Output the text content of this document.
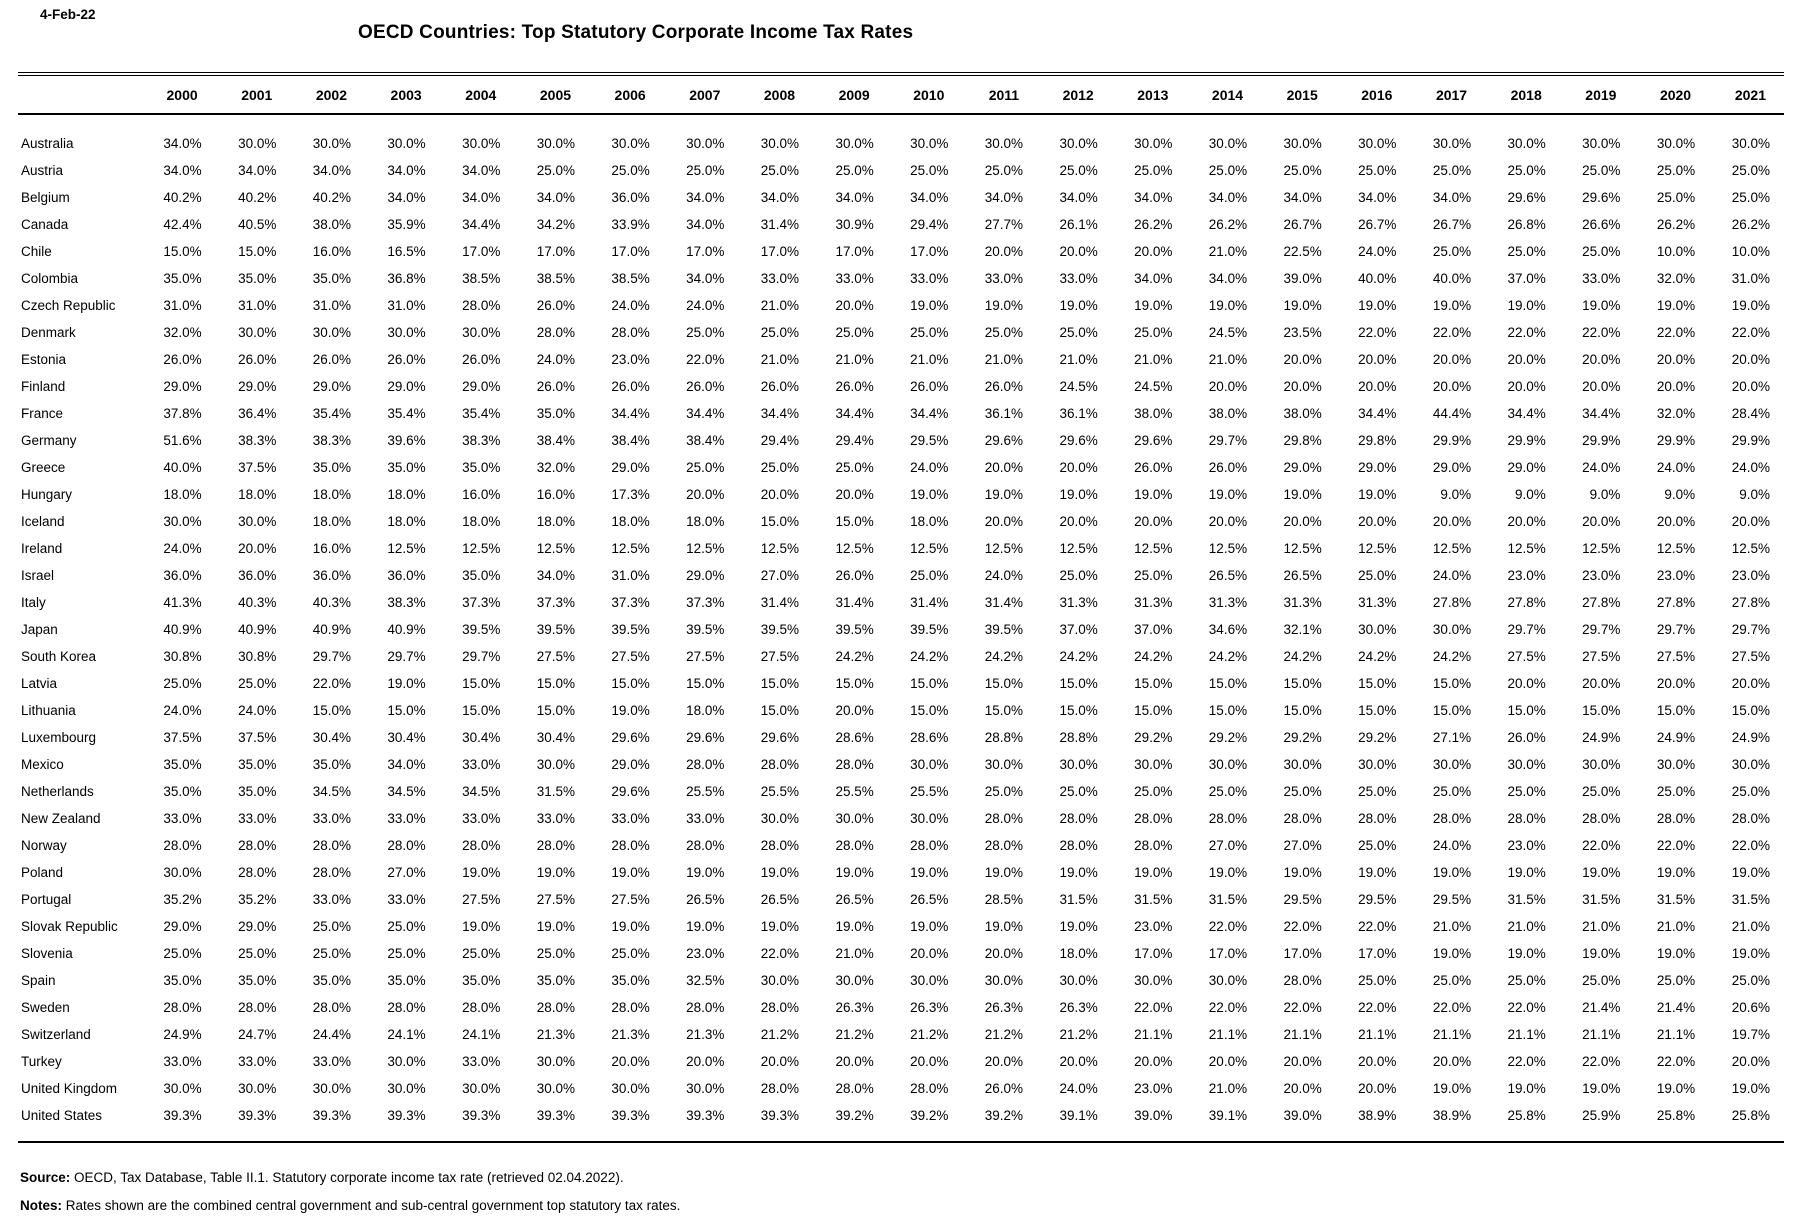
4-Feb-22
OECD Countries: Top Statutory Corporate Income Tax Rates
	2000	2001	2002	2003	2004	2005	2006	2007	2008	2009	2010	2011	2012	2013	2014	2015	2016	2017	2018	2019	2020	2021

Australia	34.0%	30.0%	30.0%	30.0%	30.0%	30.0%	30.0%	30.0%	30.0%	30.0%	30.0%	30.0%	30.0%	30.0%	30.0%	30.0%	30.0%	30.0%	30.0%	30.0%	30.0%	30.0%
Austria	34.0%	34.0%	34.0%	34.0%	34.0%	25.0%	25.0%	25.0%	25.0%	25.0%	25.0%	25.0%	25.0%	25.0%	25.0%	25.0%	25.0%	25.0%	25.0%	25.0%	25.0%	25.0%
Belgium	40.2%	40.2%	40.2%	34.0%	34.0%	34.0%	36.0%	34.0%	34.0%	34.0%	34.0%	34.0%	34.0%	34.0%	34.0%	34.0%	34.0%	34.0%	29.6%	29.6%	25.0%	25.0%
Canada	42.4%	40.5%	38.0%	35.9%	34.4%	34.2%	33.9%	34.0%	31.4%	30.9%	29.4%	27.7%	26.1%	26.2%	26.2%	26.7%	26.7%	26.7%	26.8%	26.6%	26.2%	26.2%
Chile	15.0%	15.0%	16.0%	16.5%	17.0%	17.0%	17.0%	17.0%	17.0%	17.0%	17.0%	20.0%	20.0%	20.0%	21.0%	22.5%	24.0%	25.0%	25.0%	25.0%	10.0%	10.0%
Colombia	35.0%	35.0%	35.0%	36.8%	38.5%	38.5%	38.5%	34.0%	33.0%	33.0%	33.0%	33.0%	33.0%	34.0%	34.0%	39.0%	40.0%	40.0%	37.0%	33.0%	32.0%	31.0%
Czech Republic	31.0%	31.0%	31.0%	31.0%	28.0%	26.0%	24.0%	24.0%	21.0%	20.0%	19.0%	19.0%	19.0%	19.0%	19.0%	19.0%	19.0%	19.0%	19.0%	19.0%	19.0%	19.0%
Denmark	32.0%	30.0%	30.0%	30.0%	30.0%	28.0%	28.0%	25.0%	25.0%	25.0%	25.0%	25.0%	25.0%	25.0%	24.5%	23.5%	22.0%	22.0%	22.0%	22.0%	22.0%	22.0%
Estonia	26.0%	26.0%	26.0%	26.0%	26.0%	24.0%	23.0%	22.0%	21.0%	21.0%	21.0%	21.0%	21.0%	21.0%	21.0%	20.0%	20.0%	20.0%	20.0%	20.0%	20.0%	20.0%
Finland	29.0%	29.0%	29.0%	29.0%	29.0%	26.0%	26.0%	26.0%	26.0%	26.0%	26.0%	26.0%	24.5%	24.5%	20.0%	20.0%	20.0%	20.0%	20.0%	20.0%	20.0%	20.0%
France	37.8%	36.4%	35.4%	35.4%	35.4%	35.0%	34.4%	34.4%	34.4%	34.4%	34.4%	36.1%	36.1%	38.0%	38.0%	38.0%	34.4%	44.4%	34.4%	34.4%	32.0%	28.4%
Germany	51.6%	38.3%	38.3%	39.6%	38.3%	38.4%	38.4%	38.4%	29.4%	29.4%	29.5%	29.6%	29.6%	29.6%	29.7%	29.8%	29.8%	29.9%	29.9%	29.9%	29.9%	29.9%
Greece	40.0%	37.5%	35.0%	35.0%	35.0%	32.0%	29.0%	25.0%	25.0%	25.0%	24.0%	20.0%	20.0%	26.0%	26.0%	29.0%	29.0%	29.0%	29.0%	24.0%	24.0%	24.0%
Hungary	18.0%	18.0%	18.0%	18.0%	16.0%	16.0%	17.3%	20.0%	20.0%	20.0%	19.0%	19.0%	19.0%	19.0%	19.0%	19.0%	19.0%	9.0%	9.0%	9.0%	9.0%	9.0%
Iceland	30.0%	30.0%	18.0%	18.0%	18.0%	18.0%	18.0%	18.0%	15.0%	15.0%	18.0%	20.0%	20.0%	20.0%	20.0%	20.0%	20.0%	20.0%	20.0%	20.0%	20.0%	20.0%
Ireland	24.0%	20.0%	16.0%	12.5%	12.5%	12.5%	12.5%	12.5%	12.5%	12.5%	12.5%	12.5%	12.5%	12.5%	12.5%	12.5%	12.5%	12.5%	12.5%	12.5%	12.5%	12.5%
Israel	36.0%	36.0%	36.0%	36.0%	35.0%	34.0%	31.0%	29.0%	27.0%	26.0%	25.0%	24.0%	25.0%	25.0%	26.5%	26.5%	25.0%	24.0%	23.0%	23.0%	23.0%	23.0%
Italy	41.3%	40.3%	40.3%	38.3%	37.3%	37.3%	37.3%	37.3%	31.4%	31.4%	31.4%	31.4%	31.3%	31.3%	31.3%	31.3%	31.3%	27.8%	27.8%	27.8%	27.8%	27.8%
Japan	40.9%	40.9%	40.9%	40.9%	39.5%	39.5%	39.5%	39.5%	39.5%	39.5%	39.5%	39.5%	37.0%	37.0%	34.6%	32.1%	30.0%	30.0%	29.7%	29.7%	29.7%	29.7%
South Korea	30.8%	30.8%	29.7%	29.7%	29.7%	27.5%	27.5%	27.5%	27.5%	24.2%	24.2%	24.2%	24.2%	24.2%	24.2%	24.2%	24.2%	24.2%	27.5%	27.5%	27.5%	27.5%
Latvia	25.0%	25.0%	22.0%	19.0%	15.0%	15.0%	15.0%	15.0%	15.0%	15.0%	15.0%	15.0%	15.0%	15.0%	15.0%	15.0%	15.0%	15.0%	20.0%	20.0%	20.0%	20.0%
Lithuania	24.0%	24.0%	15.0%	15.0%	15.0%	15.0%	19.0%	18.0%	15.0%	20.0%	15.0%	15.0%	15.0%	15.0%	15.0%	15.0%	15.0%	15.0%	15.0%	15.0%	15.0%	15.0%
Luxembourg	37.5%	37.5%	30.4%	30.4%	30.4%	30.4%	29.6%	29.6%	29.6%	28.6%	28.6%	28.8%	28.8%	29.2%	29.2%	29.2%	29.2%	27.1%	26.0%	24.9%	24.9%	24.9%
Mexico	35.0%	35.0%	35.0%	34.0%	33.0%	30.0%	29.0%	28.0%	28.0%	28.0%	30.0%	30.0%	30.0%	30.0%	30.0%	30.0%	30.0%	30.0%	30.0%	30.0%	30.0%	30.0%
Netherlands	35.0%	35.0%	34.5%	34.5%	34.5%	31.5%	29.6%	25.5%	25.5%	25.5%	25.5%	25.0%	25.0%	25.0%	25.0%	25.0%	25.0%	25.0%	25.0%	25.0%	25.0%	25.0%
New Zealand	33.0%	33.0%	33.0%	33.0%	33.0%	33.0%	33.0%	33.0%	30.0%	30.0%	30.0%	28.0%	28.0%	28.0%	28.0%	28.0%	28.0%	28.0%	28.0%	28.0%	28.0%	28.0%
Norway	28.0%	28.0%	28.0%	28.0%	28.0%	28.0%	28.0%	28.0%	28.0%	28.0%	28.0%	28.0%	28.0%	28.0%	27.0%	27.0%	25.0%	24.0%	23.0%	22.0%	22.0%	22.0%
Poland	30.0%	28.0%	28.0%	27.0%	19.0%	19.0%	19.0%	19.0%	19.0%	19.0%	19.0%	19.0%	19.0%	19.0%	19.0%	19.0%	19.0%	19.0%	19.0%	19.0%	19.0%	19.0%
Portugal	35.2%	35.2%	33.0%	33.0%	27.5%	27.5%	27.5%	26.5%	26.5%	26.5%	26.5%	28.5%	31.5%	31.5%	31.5%	29.5%	29.5%	29.5%	31.5%	31.5%	31.5%	31.5%
Slovak Republic	29.0%	29.0%	25.0%	25.0%	19.0%	19.0%	19.0%	19.0%	19.0%	19.0%	19.0%	19.0%	19.0%	23.0%	22.0%	22.0%	22.0%	21.0%	21.0%	21.0%	21.0%	21.0%
Slovenia	25.0%	25.0%	25.0%	25.0%	25.0%	25.0%	25.0%	23.0%	22.0%	21.0%	20.0%	20.0%	18.0%	17.0%	17.0%	17.0%	17.0%	19.0%	19.0%	19.0%	19.0%	19.0%
Spain	35.0%	35.0%	35.0%	35.0%	35.0%	35.0%	35.0%	32.5%	30.0%	30.0%	30.0%	30.0%	30.0%	30.0%	30.0%	28.0%	25.0%	25.0%	25.0%	25.0%	25.0%	25.0%
Sweden	28.0%	28.0%	28.0%	28.0%	28.0%	28.0%	28.0%	28.0%	28.0%	26.3%	26.3%	26.3%	26.3%	22.0%	22.0%	22.0%	22.0%	22.0%	22.0%	21.4%	21.4%	20.6%
Switzerland	24.9%	24.7%	24.4%	24.1%	24.1%	21.3%	21.3%	21.3%	21.2%	21.2%	21.2%	21.2%	21.2%	21.1%	21.1%	21.1%	21.1%	21.1%	21.1%	21.1%	21.1%	19.7%
Turkey	33.0%	33.0%	33.0%	30.0%	33.0%	30.0%	20.0%	20.0%	20.0%	20.0%	20.0%	20.0%	20.0%	20.0%	20.0%	20.0%	20.0%	20.0%	22.0%	22.0%	22.0%	20.0%
United Kingdom	30.0%	30.0%	30.0%	30.0%	30.0%	30.0%	30.0%	30.0%	28.0%	28.0%	28.0%	26.0%	24.0%	23.0%	21.0%	20.0%	20.0%	19.0%	19.0%	19.0%	19.0%	19.0%
United States	39.3%	39.3%	39.3%	39.3%	39.3%	39.3%	39.3%	39.3%	39.3%	39.2%	39.2%	39.2%	39.1%	39.0%	39.1%	39.0%	38.9%	38.9%	25.8%	25.9%	25.8%	25.8%

Source: OECD, Tax Database, Table II.1. Statutory corporate income tax rate (retrieved 02.04.2022).
Notes: Rates shown are the combined central government and sub-central government top statutory tax rates.
